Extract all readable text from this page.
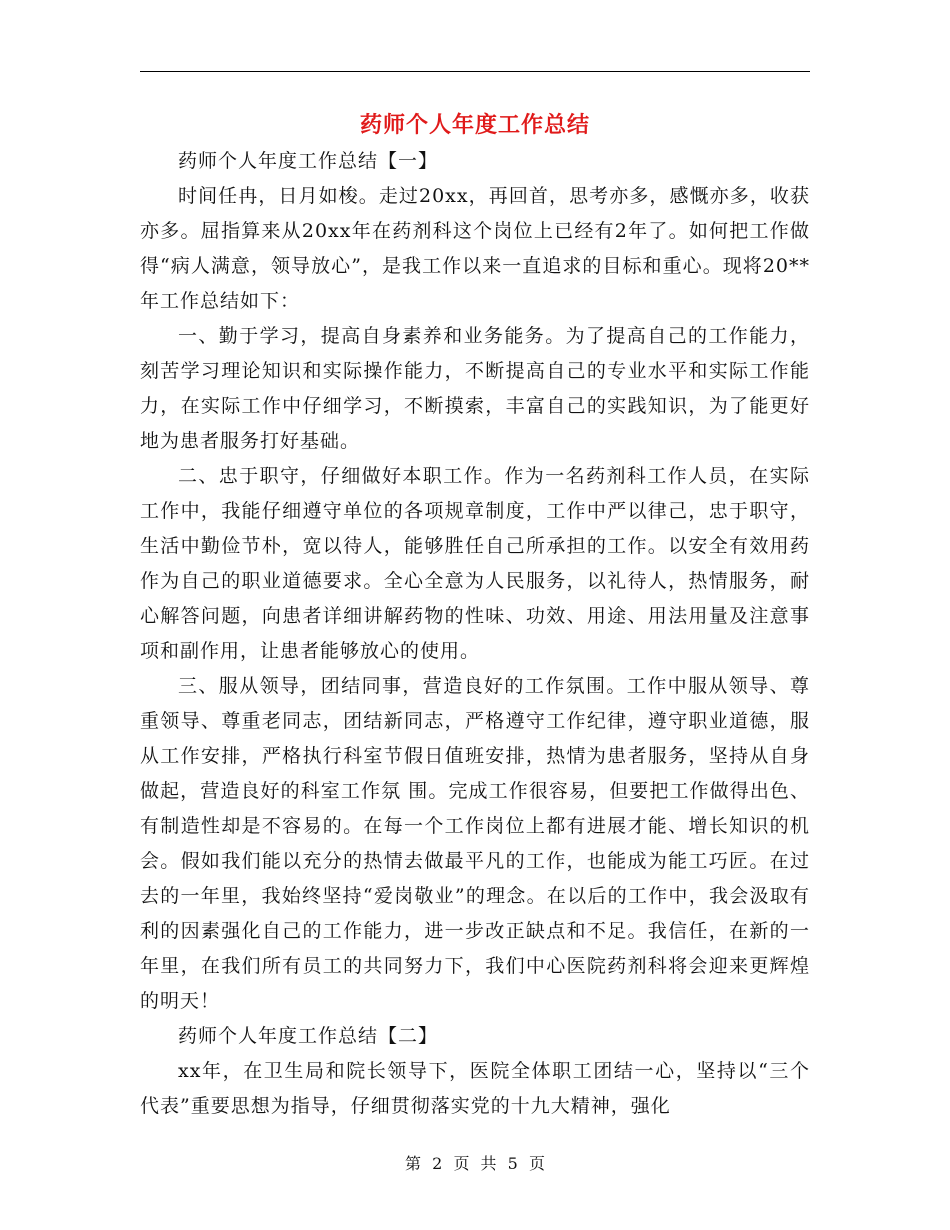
药师个人年度工作总结

药师个人年度工作总结【一】

时间任冉，日月如梭。走过20xx，再回首，思考亦多，感慨亦多，收获亦多。屈指算来从20xx年在药剂科这个岗位上已经有2年了。如何把工作做得“病人满意，领导放心”，是我工作以来一直追求的目标和重心。现将20**年工作总结如下：

一、勤于学习，提高自身素养和业务能务。为了提高自己的工作能力，刻苦学习理论知识和实际操作能力，不断提高自己的专业水平和实际工作能力，在实际工作中仔细学习，不断摸索，丰富自己的实践知识，为了能更好地为患者服务打好基础。

二、忠于职守，仔细做好本职工作。作为一名药剂科工作人员，在实际工作中，我能仔细遵守单位的各项规章制度，工作中严以律己，忠于职守，生活中勤俭节朴，宽以待人，能够胜任自己所承担的工作。以安全有效用药作为自己的职业道德要求。全心全意为人民服务，以礼待人，热情服务，耐心解答问题，向患者详细讲解药物的性味、功效、用途、用法用量及注意事项和副作用，让患者能够放心的使用。

三、服从领导，团结同事，营造良好的工作氛围。工作中服从领导、尊重领导、尊重老同志，团结新同志，严格遵守工作纪律，遵守职业道德，服从工作安排，严格执行科室节假日值班安排，热情为患者服务，坚持从自身做起，营造良好的科室工作氛 围。完成工作很容易，但要把工作做得出色、有制造性却是不容易的。在每一个工作岗位上都有进展才能、增长知识的机会。假如我们能以充分的热情去做最平凡的工作，也能成为能工巧匠。在过去的一年里，我始终坚持“爱岗敬业”的理念。在以后的工作中，我会汲取有利的因素强化自己的工作能力，进一步改正缺点和不足。我信任，在新的一年里，在我们所有员工的共同努力下，我们中心医院药剂科将会迎来更辉煌的明天！

药师个人年度工作总结【二】

xx年，在卫生局和院长领导下，医院全体职工团结一心，坚持以“三个代表”重要思想为指导，仔细贯彻落实党的十九大精神，强化

第 2 页 共 5 页
